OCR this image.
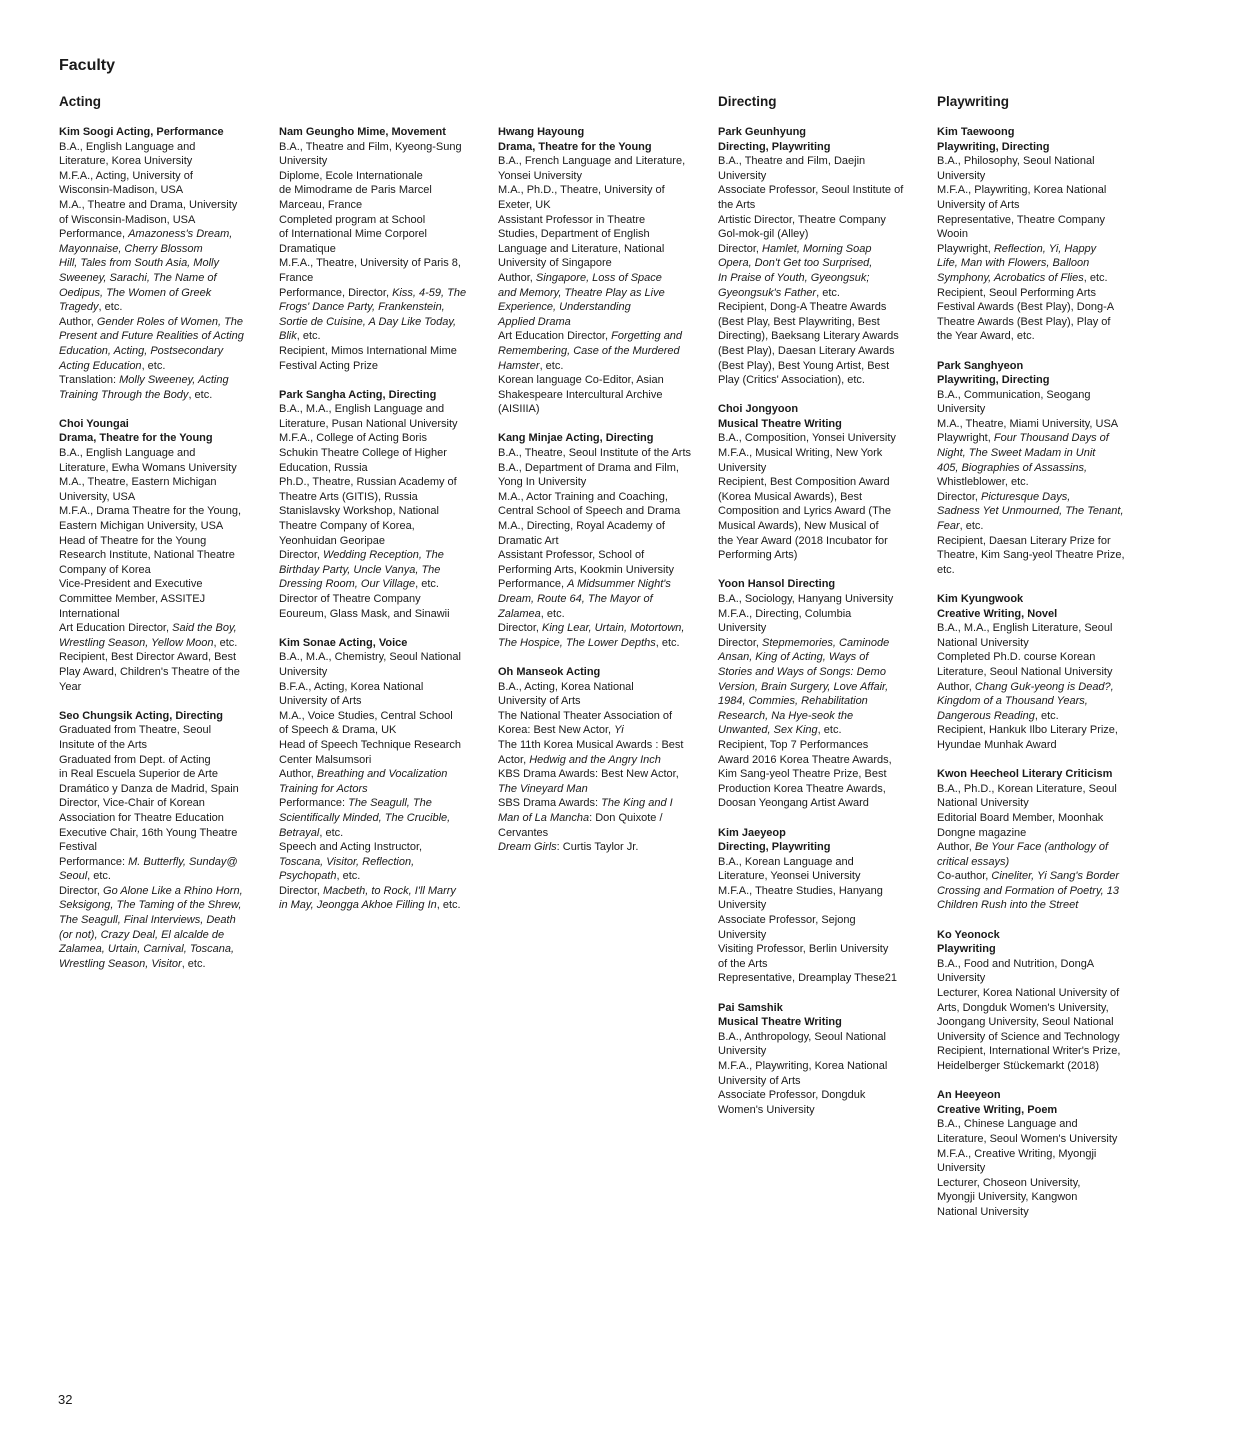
Faculty
Acting	Directing	Playwriting
Kim Soogi Acting, Performance
B.A., English Language and
Literature, Korea University
M.F.A., Acting, University of
Wisconsin-Madison, USA
M.A., Theatre and Drama, University
of Wisconsin-Madison, USA
Performance, Amazoness's Dream,
Mayonnaise, Cherry Blossom
Hill, Tales from South Asia, Molly
Sweeney, Sarachi, The Name of
Oedipus, The Women of Greek
Tragedy, etc.
Author, Gender Roles of Women, The
Present and Future Realities of Acting
Education, Acting, Postsecondary
Acting Education, etc.
Translation: Molly Sweeney, Acting
Training Through the Body, etc.
Choi Youngai
Drama, Theatre for the Young
B.A., English Language and
Literature, Ewha Womans University
M.A., Theatre, Eastern Michigan
University, USA
M.F.A., Drama Theatre for the Young,
Eastern Michigan University, USA
Head of Theatre for the Young
Research Institute, National Theatre
Company of Korea
Vice-President and Executive
Committee Member, ASSITEJ
International
Art Education Director, Said the Boy,
Wrestling Season, Yellow Moon, etc.
Recipient, Best Director Award, Best
Play Award, Children's Theatre of the
Year
Seo Chungsik Acting, Directing
Graduated from Theatre, Seoul
Insitute of the Arts
Graduated from Dept. of Acting
in Real Escuela Superior de Arte
Dramático y Danza de Madrid, Spain
Director, Vice-Chair of Korean
Association for Theatre Education
Executive Chair, 16th Young Theatre
Festival
Performance: M. Butterfly, Sunday@
Seoul, etc.
Director, Go Alone Like a Rhino Horn,
Seksigong, The Taming of the Shrew,
The Seagull, Final Interviews, Death
(or not), Crazy Deal, El alcalde de
Zalamea, Urtain, Carnival, Toscana,
Wrestling Season, Visitor, etc.
Nam Geungho Mime, Movement
B.A., Theatre and Film, Kyeong-Sung
University
Diplome, Ecole Internationale
de Mimodrame de Paris Marcel
Marceau, France
Completed program at School
of International Mime Corporel
Dramatique
M.F.A., Theatre, University of Paris 8,
France
Performance, Director, Kiss, 4-59, The
Frogs' Dance Party, Frankenstein,
Sortie de Cuisine, A Day Like Today,
Blik, etc.
Recipient, Mimos International Mime
Festival Acting Prize
Park Sangha Acting, Directing
B.A., M.A., English Language and
Literature, Pusan National University
M.F.A., College of Acting Boris
Schukin Theatre College of Higher
Education, Russia
Ph.D., Theatre, Russian Academy of
Theatre Arts (GITIS), Russia
Stanislavsky Workshop, National
Theatre Company of Korea,
Yeonhuidan Georipae
Director, Wedding Reception, The
Birthday Party, Uncle Vanya, The
Dressing Room, Our Village, etc.
Director of Theatre Company
Eoureum, Glass Mask, and Sinawii
Kim Sonae Acting, Voice
B.A., M.A., Chemistry, Seoul National
University
B.F.A., Acting, Korea National
University of Arts
M.A., Voice Studies, Central School
of Speech & Drama, UK
Head of Speech Technique Research
Center Malsumsori
Author, Breathing and Vocalization
Training for Actors
Performance: The Seagull, The
Scientifically Minded, The Crucible,
Betrayal, etc.
Speech and Acting Instructor,
Toscana, Visitor, Reflection,
Psychopath, etc.
Director, Macbeth, to Rock, I'll Marry
in May, Jeongga Akhoe Filling In, etc.
Hwang Hayoung
Drama, Theatre for the Young
B.A., French Language and Literature,
Yonsei University
M.A., Ph.D., Theatre, University of
Exeter, UK
Assistant Professor in Theatre
Studies, Department of English
Language and Literature, National
University of Singapore
Author, Singapore, Loss of Space
and Memory, Theatre Play as Live
Experience, Understanding
Applied Drama
Art Education Director, Forgetting and
Remembering, Case of the Murdered
Hamster, etc.
Korean language Co-Editor, Asian
Shakespeare Intercultural Archive
(AISIIIA)
Kang Minjae Acting, Directing
B.A., Theatre, Seoul Institute of the Arts
B.A., Department of Drama and Film,
Yong In University
M.A., Actor Training and Coaching,
Central School of Speech and Drama
M.A., Directing, Royal Academy of
Dramatic Art
Assistant Professor, School of
Performing Arts, Kookmin University
Performance, A Midsummer Night's
Dream, Route 64, The Mayor of
Zalamea, etc.
Director, King Lear, Urtain, Motortown,
The Hospice, The Lower Depths, etc.
Oh Manseok Acting
B.A., Acting, Korea National
University of Arts
The National Theater Association of
Korea: Best New Actor, Yi
The 11th Korea Musical Awards : Best
Actor, Hedwig and the Angry Inch
KBS Drama Awards: Best New Actor,
The Vineyard Man
SBS Drama Awards: The King and I
Man of La Mancha: Don Quixote /
Cervantes
Dream Girls: Curtis Taylor Jr.
Park Geunhyung
Directing, Playwriting
B.A., Theatre and Film, Daejin
University
Associate Professor, Seoul Institute of
the Arts
Artistic Director, Theatre Company
Gol-mok-gil (Alley)
Director, Hamlet, Morning Soap
Opera, Don't Get too Surprised,
In Praise of Youth, Gyeongsuk;
Gyeongsuk's Father, etc.
Recipient, Dong-A Theatre Awards
(Best Play, Best Playwriting, Best
Directing), Baeksang Literary Awards
(Best Play), Daesan Literary Awards
(Best Play), Best Young Artist, Best
Play (Critics' Association), etc.
Choi Jongyoon
Musical Theatre Writing
B.A., Composition, Yonsei University
M.F.A., Musical Writing, New York
University
Recipient, Best Composition Award
(Korea Musical Awards), Best
Composition and Lyrics Award (The
Musical Awards), New Musical of
the Year Award (2018 Incubator for
Performing Arts)
Yoon Hansol Directing
B.A., Sociology, Hanyang University
M.F.A., Directing, Columbia
University
Director, Stepmemories, Caminode
Ansan, King of Acting, Ways of
Stories and Ways of Songs: Demo
Version, Brain Surgery, Love Affair,
1984, Commies, Rehabilitation
Research, Na Hye-seok the
Unwanted, Sex King, etc.
Recipient, Top 7 Performances
Award 2016 Korea Theatre Awards,
Kim Sang-yeol Theatre Prize, Best
Production Korea Theatre Awards,
Doosan Yeongang Artist Award
Kim Jaeyeop
Directing, Playwriting
B.A., Korean Language and
Literature, Yeonsei University
M.F.A., Theatre Studies, Hanyang
University
Associate Professor, Sejong
University
Visiting Professor, Berlin University
of the Arts
Representative, Dreamplay These21
Pai Samshik
Musical Theatre Writing
B.A., Anthropology, Seoul National
University
M.F.A., Playwriting, Korea National
University of Arts
Associate Professor, Dongduk
Women's University
Kim Taewoong
Playwriting, Directing
B.A., Philosophy, Seoul National
University
M.F.A., Playwriting, Korea National
University of Arts
Representative, Theatre Company
Wooin
Playwright, Reflection, Yi, Happy
Life, Man with Flowers, Balloon
Symphony, Acrobatics of Flies, etc.
Recipient, Seoul Performing Arts
Festival Awards (Best Play), Dong-A
Theatre Awards (Best Play), Play of
the Year Award, etc.
Park Sanghyeon
Playwriting, Directing
B.A., Communication, Seogang
University
M.A., Theatre, Miami University, USA
Playwright, Four Thousand Days of
Night, The Sweet Madam in Unit
405, Biographies of Assassins,
Whistleblower, etc.
Director, Picturesque Days,
Sadness Yet Unmourned, The Tenant,
Fear, etc.
Recipient, Daesan Literary Prize for
Theatre, Kim Sang-yeol Theatre Prize,
etc.
Kim Kyungwook
Creative Writing, Novel
B.A., M.A., English Literature, Seoul
National University
Completed Ph.D. course Korean
Literature, Seoul National University
Author, Chang Guk-yeong is Dead?,
Kingdom of a Thousand Years,
Dangerous Reading, etc.
Recipient, Hankuk Ilbo Literary Prize,
Hyundae Munhak Award
Kwon Heecheol Literary Criticism
B.A., Ph.D., Korean Literature, Seoul
National University
Editorial Board Member, Moonhak
Dongne magazine
Author, Be Your Face (anthology of
critical essays)
Co-author, Cineliter, Yi Sang's Border
Crossing and Formation of Poetry, 13
Children Rush into the Street
Ko Yeonock
Playwriting
B.A., Food and Nutrition, DongA
University
Lecturer, Korea National University of
Arts, Dongduk Women's University,
Joongang University, Seoul National
University of Science and Technology
Recipient, International Writer's Prize,
Heidelberger Stückemarkt (2018)
An Heeyeon
Creative Writing, Poem
B.A., Chinese Language and
Literature, Seoul Women's University
M.F.A., Creative Writing, Myongji
University
Lecturer, Choseon University,
Myongji University, Kangwon
National University
32
